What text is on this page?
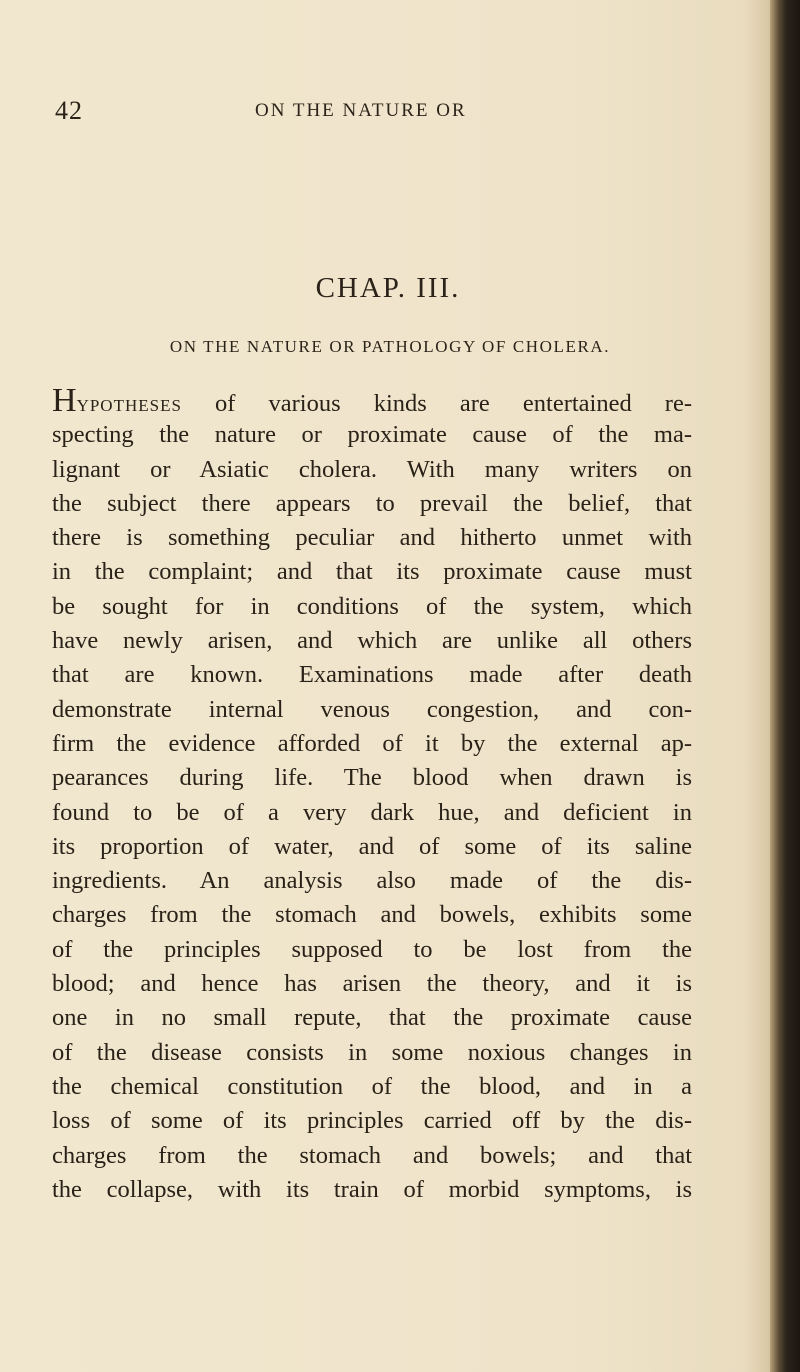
42	ON THE NATURE OR
CHAP. III.
ON THE NATURE OR PATHOLOGY OF CHOLERA.
Hypotheses of various kinds are entertained re-
specting the nature or proximate cause of the ma-
lignant or Asiatic cholera. With many writers on
the subject there appears to prevail the belief, that
there is something peculiar and hitherto unmet with
in the complaint; and that its proximate cause must
be sought for in conditions of the system, which
have newly arisen, and which are unlike all others
that are known. Examinations made after death
demonstrate internal venous congestion, and con-
firm the evidence afforded of it by the external ap-
pearances during life. The blood when drawn is
found to be of a very dark hue, and deficient in
its proportion of water, and of some of its saline
ingredients. An analysis also made of the dis-
charges from the stomach and bowels, exhibits some
of the principles supposed to be lost from the
blood; and hence has arisen the theory, and it is
one in no small repute, that the proximate cause
of the disease consists in some noxious changes in
the chemical constitution of the blood, and in a
loss of some of its principles carried off by the dis-
charges from the stomach and bowels; and that
the collapse, with its train of morbid symptoms, is
